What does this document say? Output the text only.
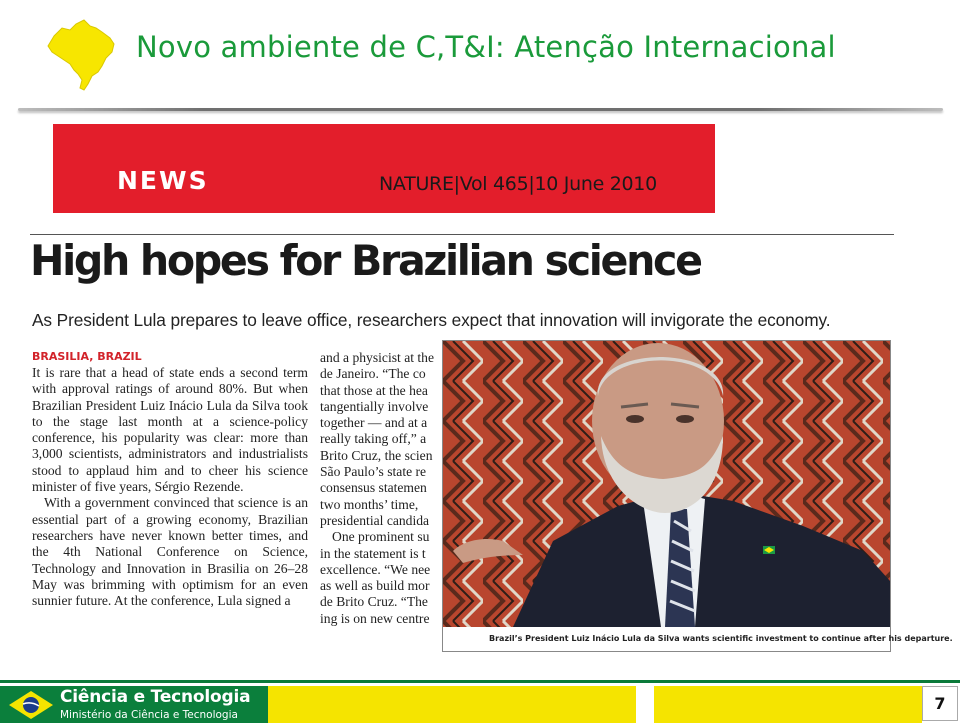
Novo ambiente de C,T&I: Atenção Internacional
NEWS	NATURE|Vol 465|10 June 2010
High hopes for Brazilian science
As President Lula prepares to leave office, researchers expect that innovation will invigorate the economy.
BRASILIA, BRAZIL

It is rare that a head of state ends a second term with approval ratings of around 80%. But when Brazilian President Luiz Inácio Lula da Silva took to the stage last month at a science-policy conference, his popularity was clear: more than 3,000 scientists, administrators and industrialists stood to applaud him and to cheer his science minister of five years, Sérgio Rezende.

With a government convinced that science is an essential part of a growing economy, Brazilian researchers have never known better times, and the 4th National Conference on Science, Technology and Innovation in Brasilia on 26–28 May was brimming with optimism for an even sunnier future. At the conference, Lula signed a

and a physicist at the

de Janeiro. “The co

that those at the hea

tangentially involve

together — and at a

really taking off,” a

Brito Cruz, the scien

São Paulo’s state re

consensus statemen

two months’ time,

presidential candida

One prominent su

in the statement is t

excellence. “We nee

as well as build mor

de Brito Cruz. “The

ing is on new centre

Brazil’s President Luiz Inácio Lula da Silva wants scientific investment to continue after his departure.
Ciência e Tecnologia
Ministério da Ciência e Tecnologia
7
